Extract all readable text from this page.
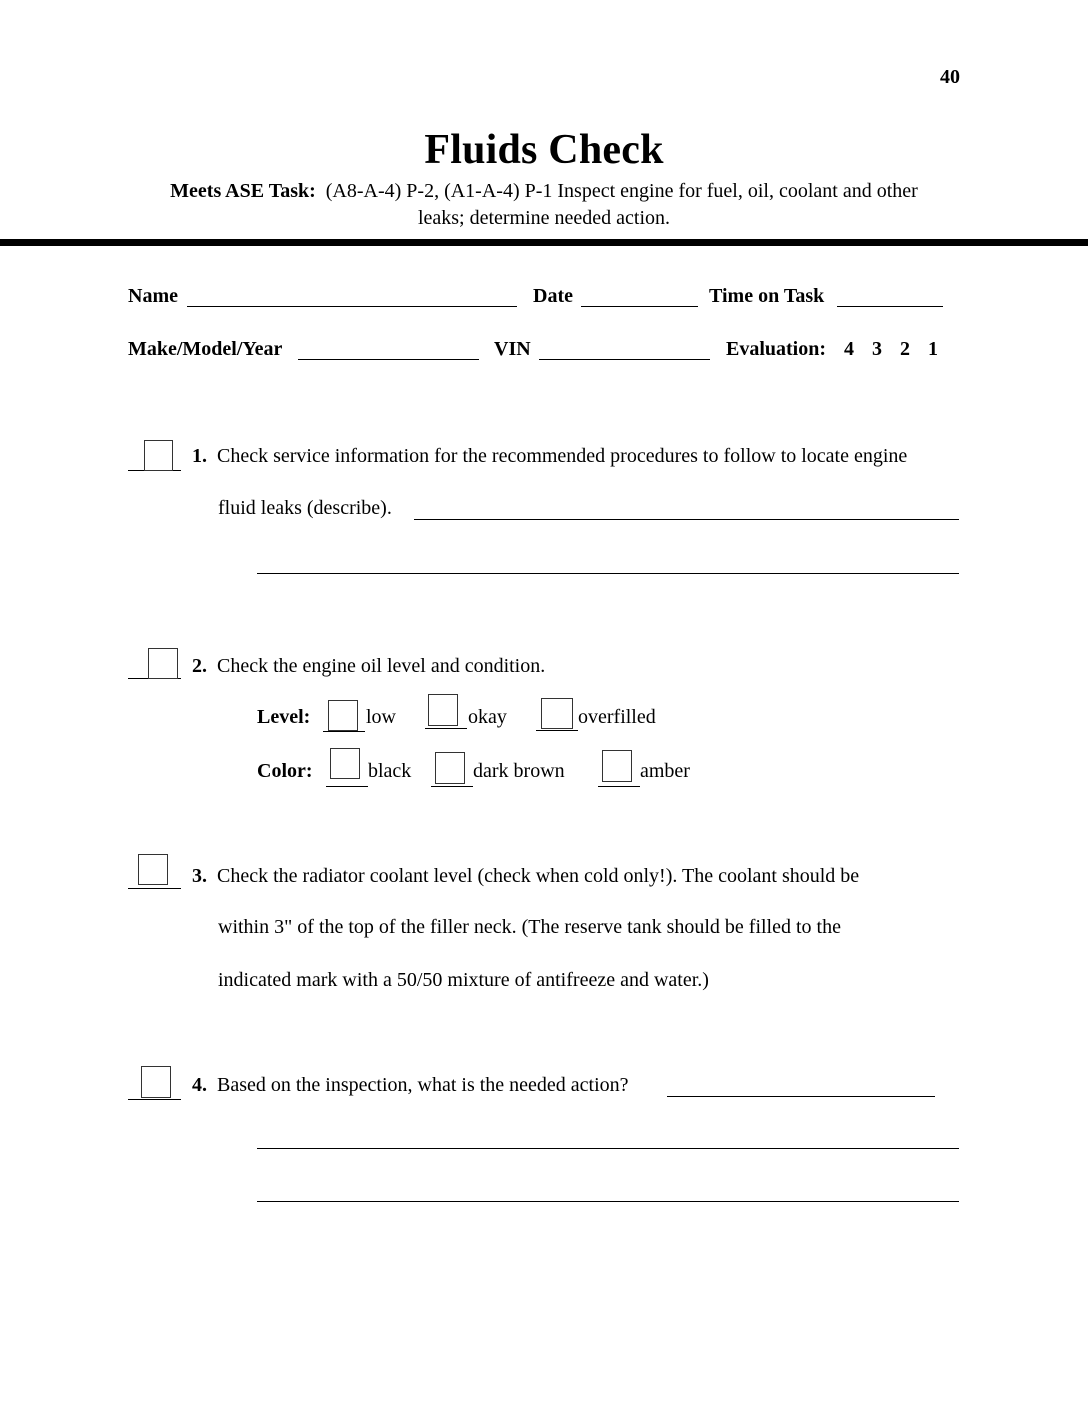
40
Fluids Check
Meets ASE Task: (A8-A-4) P-2, (A1-A-4) P-1 Inspect engine for fuel, oil, coolant and other
leaks; determine needed action.
Name	Date	Time on Task
Make/Model/Year	VIN	Evaluation: 4 3 2 1
1. Check service information for the recommended procedures to follow to locate engine
fluid leaks (describe).
2. Check the engine oil level and condition.
Level:	low	okay	overfilled
Color:	black	dark brown	amber
3. Check the radiator coolant level (check when cold only!). The coolant should be
within 3" of the top of the filler neck. (The reserve tank should be filled to the
indicated mark with a 50/50 mixture of antifreeze and water.)
4. Based on the inspection, what is the needed action?
